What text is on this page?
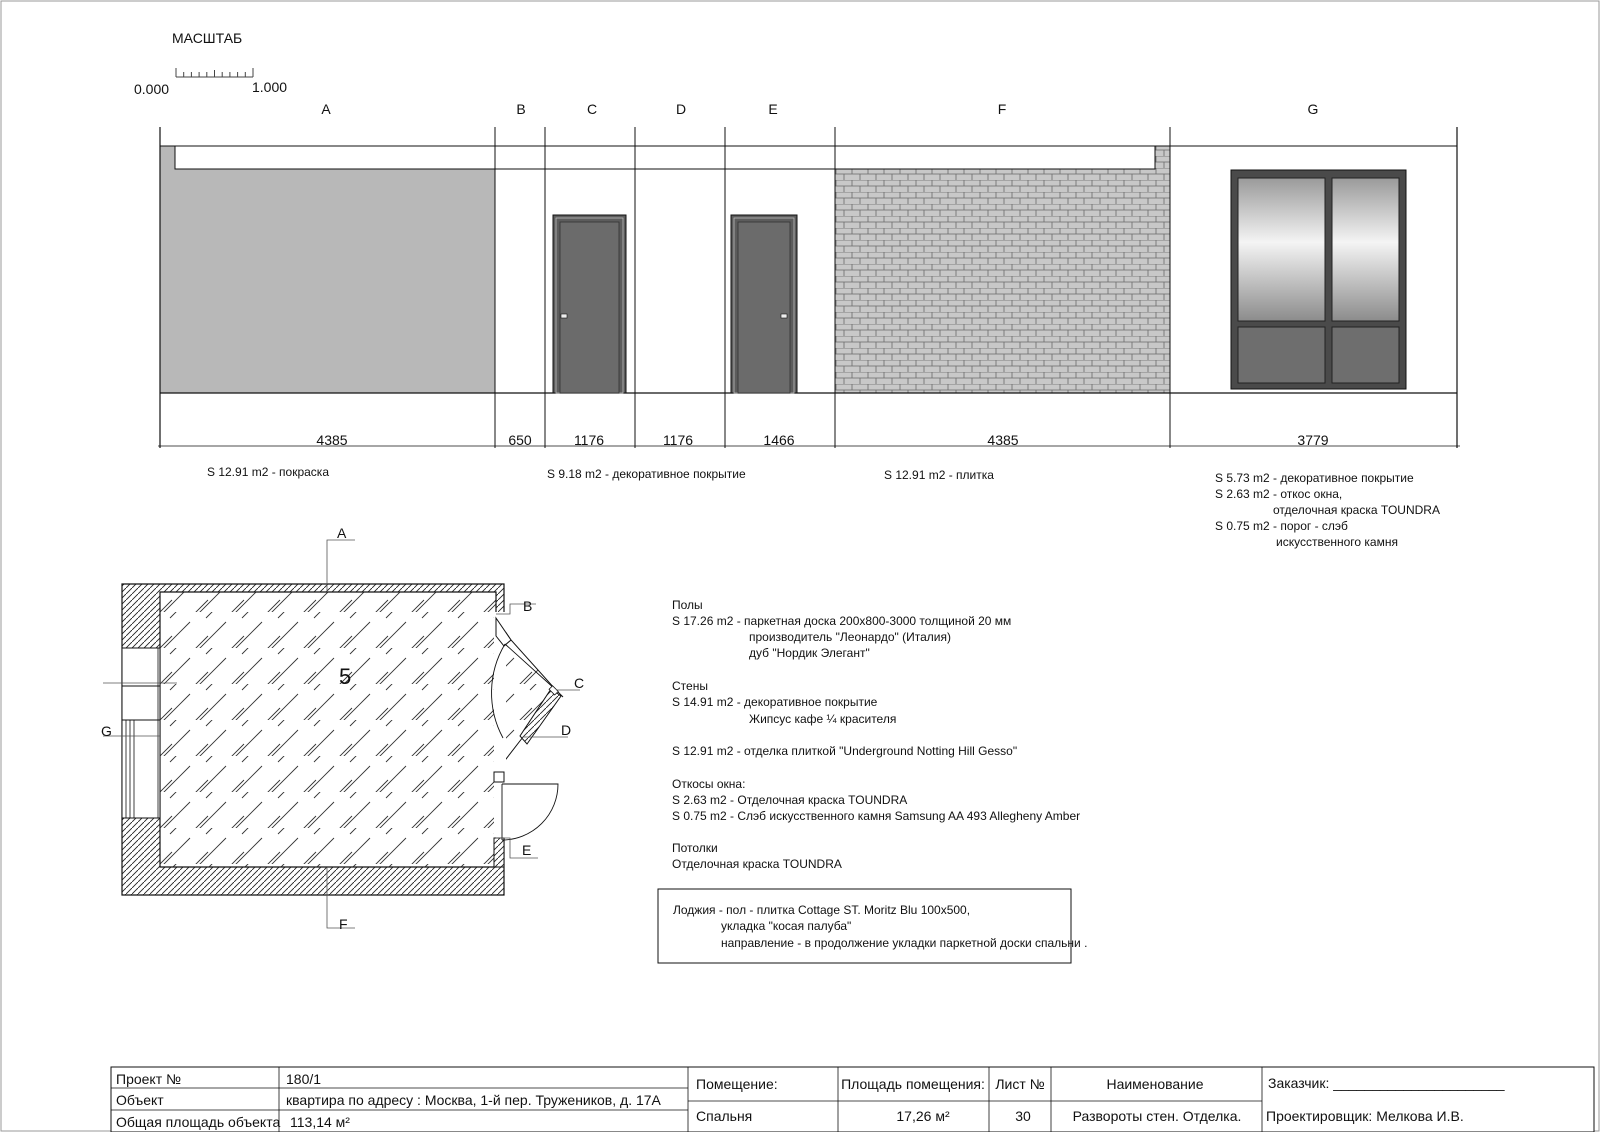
МАСШТАБ
0.000	1.000
A	B	C	D	E	F	G
4385	650	1176	1176	1466	4385	3779
S 12.91 m2 - покраска	S 9.18 m2 - декоративное покрытие	S 12.91 m2 - плитка	S 5.73 m2 - декоративное покрытие
S 2.63 m2 - откос окна,
отделочная краска TOUNDRA
S 0.75 m2 - порог - слэб
искусственного камня
A
B
C
D
E
F
G
5
Полы
S 17.26 m2 - паркетная доска 200х800-3000 толщиной 20 мм
производитель "Леонардо" (Италия)
дуб "Нордик Элегант"
Стены
S 14.91 m2 - декоративное покрытие
Жипсус кафе ¼ красителя
S 12.91 m2 - отделка плиткой "Underground Notting Hill Gesso"
Откосы окна:
S 2.63 m2 - Отделочная краска TOUNDRA
S 0.75 m2 - Слэб искусственного камня Samsung AA 493 Allegheny Amber
Потолки
Отделочная краска TOUNDRA
Лоджия - пол - плитка Cottage ST. Moritz Blu 100х500,
укладка "косая палуба"
направление - в продолжение укладки паркетной доски спальни .
Проект №	180/1
Объект	квартира по адресу : Москва, 1-й пер. Тружеников, д. 17А
Общая площадь объекта 113,14 м²
Помещение:
Спальня
Площадь помещения:
17,26 м²
Лист №
30
Наименование
Развороты стен. Отделка.
Заказчик: ______________________
Проектировщик: Мелкова И.В.
